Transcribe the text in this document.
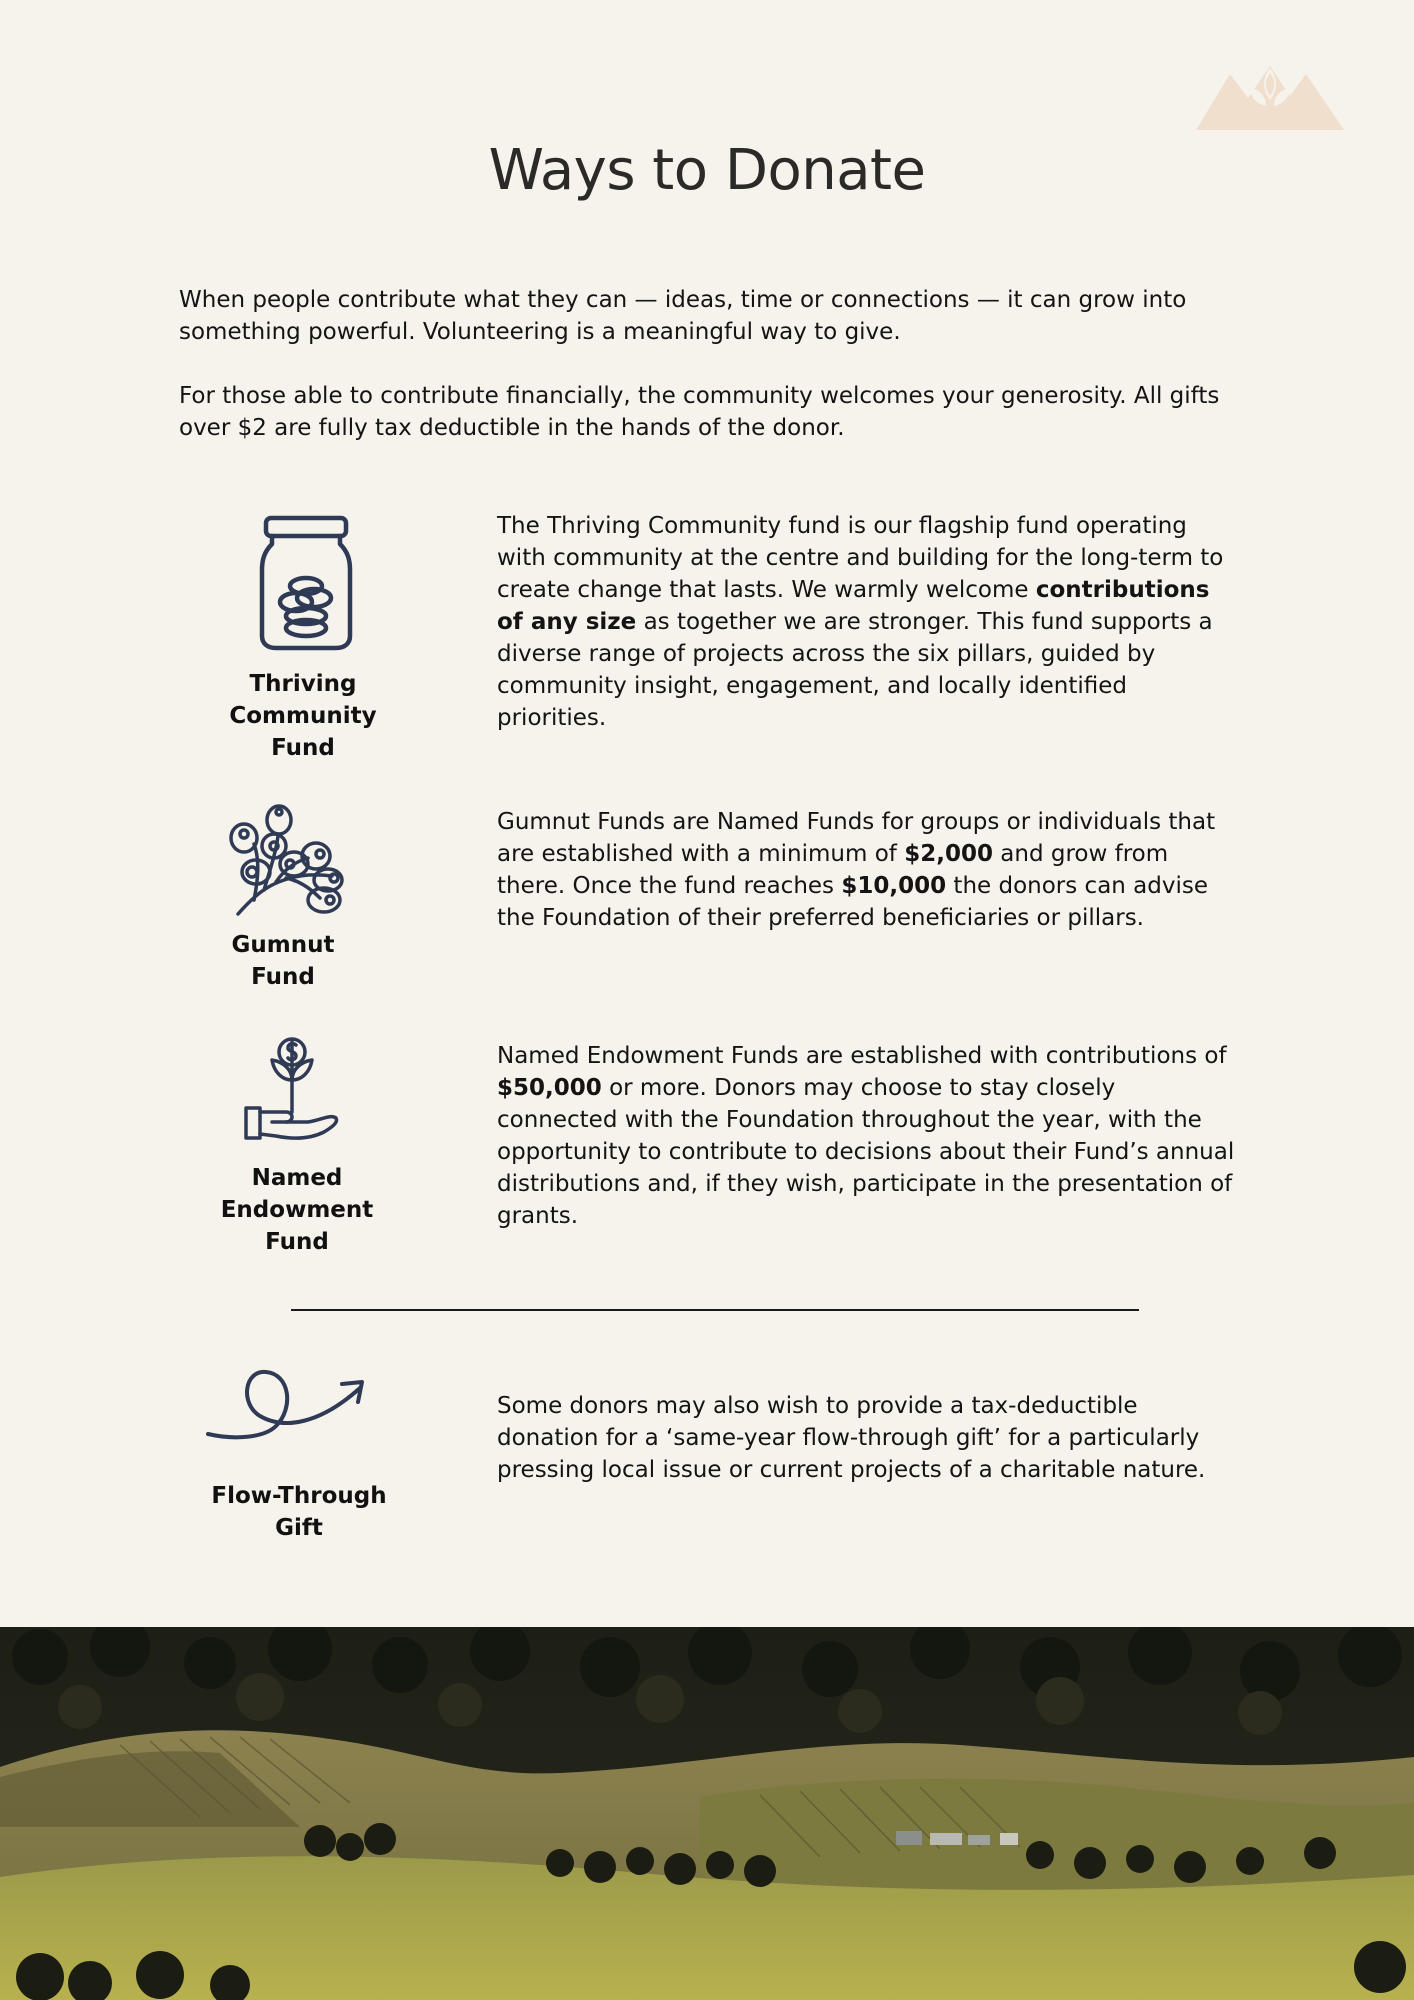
Ways to Donate

When people contribute what they can — ideas, time or connections — it can grow into something powerful. Volunteering is a meaningful way to give.

For those able to contribute financially, the community welcomes your generosity. All gifts over $2 are fully tax deductible in the hands of the donor.

Thriving
Community
Fund

The Thriving Community fund is our flagship fund operating with community at the centre and building for the long-term to create change that lasts. We warmly welcome contributions of any size as together we are stronger. This fund supports a diverse range of projects across the six pillars, guided by community insight, engagement, and locally identified priorities.

Gumnut
Fund

Gumnut Funds are Named Funds for groups or individuals that are established with a minimum of $2,000 and grow from there. Once the fund reaches $10,000 the donors can advise the Foundation of their preferred beneficiaries or pillars.

Named
Endowment
Fund

Named Endowment Funds are established with contributions of $50,000 or more. Donors may choose to stay closely connected with the Foundation throughout the year, with the opportunity to contribute to decisions about their Fund’s annual distributions and, if they wish, participate in the presentation of grants.

Flow-Through
Gift

Some donors may also wish to provide a tax-deductible donation for a ‘same-year flow-through gift’ for a particularly pressing local issue or current projects of a charitable nature.
